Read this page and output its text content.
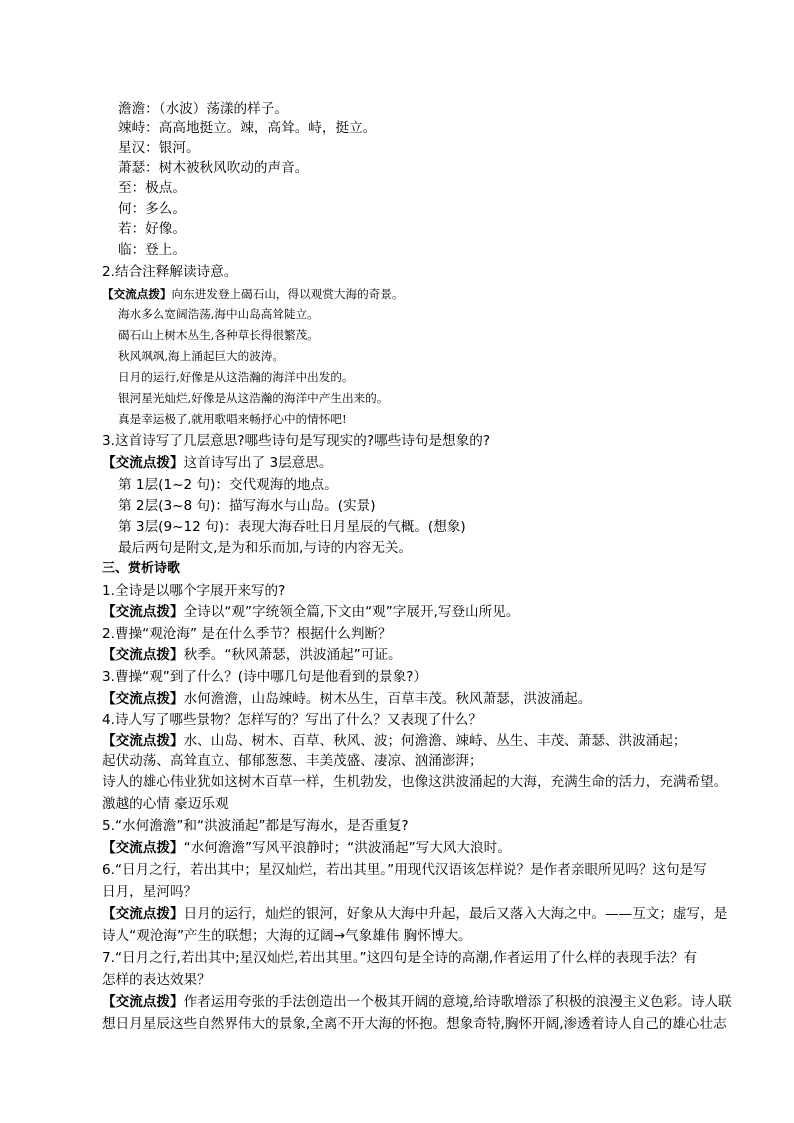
澹澹：（水波）荡漾的样子。
竦峙：高高地挺立。竦，高耸。峙，挺立。
星汉：银河。
萧瑟：树木被秋风吹动的声音。
至：极点。
何：多么。
若：好像。
临：登上。
2.结合注释解读诗意。
【交流点拨】向东进发登上碣石山，得以观赏大海的奇景。
海水多么宽阔浩荡,海中山岛高耸陡立。
碣石山上树木丛生,各种草长得很繁茂。
秋风飒飒,海上涌起巨大的波涛。
日月的运行,好像是从这浩瀚的海洋中出发的。
银河星光灿烂,好像是从这浩瀚的海洋中产生出来的。
真是幸运极了,就用歌唱来畅抒心中的情怀吧!
3.这首诗写了几层意思?哪些诗句是写现实的?哪些诗句是想象的?
【交流点拨】这首诗写出了 3层意思。
第 1层(1~2 句)：交代观海的地点。
第 2层(3~8 句)：描写海水与山岛。(实景)
第 3层(9~12 句)：表现大海吞吐日月星辰的气概。(想象)
最后两句是附文,是为和乐而加,与诗的内容无关。
三、赏析诗歌
1.全诗是以哪个字展开来写的?
【交流点拨】全诗以“观”字统领全篇,下文由“观”字展开,写登山所见。
2.曹操“观沧海” 是在什么季节？根据什么判断？
【交流点拨】秋季。“秋风萧瑟，洪波涌起”可证。
3.曹操“观”到了什么？(诗中哪几句是他看到的景象?）
【交流点拨】水何澹澹，山岛竦峙。树木丛生，百草丰茂。秋风萧瑟，洪波涌起。
4.诗人写了哪些景物？怎样写的？写出了什么？又表现了什么？
【交流点拨】水、山岛、树木、百草、秋风、波；何澹澹、竦峙、丛生、丰茂、萧瑟、洪波涌起；
起伏动荡、高耸直立、郁郁葱葱、丰美茂盛、凄凉、汹涌澎湃；
诗人的雄心伟业犹如这树木百草一样，生机勃发，也像这洪波涌起的大海，充满生命的活力，充满希望。
激越的心情 豪迈乐观
5.“水何澹澹”和“洪波涌起”都是写海水，是否重复?
【交流点拨】“水何澹澹”写风平浪静时；“洪波涌起”写大风大浪时。
6.“日月之行，若出其中；星汉灿烂，若出其里。”用现代汉语该怎样说？是作者亲眼所见吗？这句是写
日月，星河吗？
【交流点拨】日月的运行，灿烂的银河，好象从大海中升起，最后又落入大海之中。——互文；虚写，是
诗人“观沧海”产生的联想；大海的辽阔→气象雄伟 胸怀博大。
7.“日月之行,若出其中;星汉灿烂,若出其里。”这四句是全诗的高潮,作者运用了什么样的表现手法？有
怎样的表达效果？
【交流点拨】作者运用夸张的手法创造出一个极其开阔的意境,给诗歌增添了积极的浪漫主义色彩。诗人联
想日月星辰这些自然界伟大的景象,全离不开大海的怀抱。想象奇特,胸怀开阔,渗透着诗人自己的雄心壮志
